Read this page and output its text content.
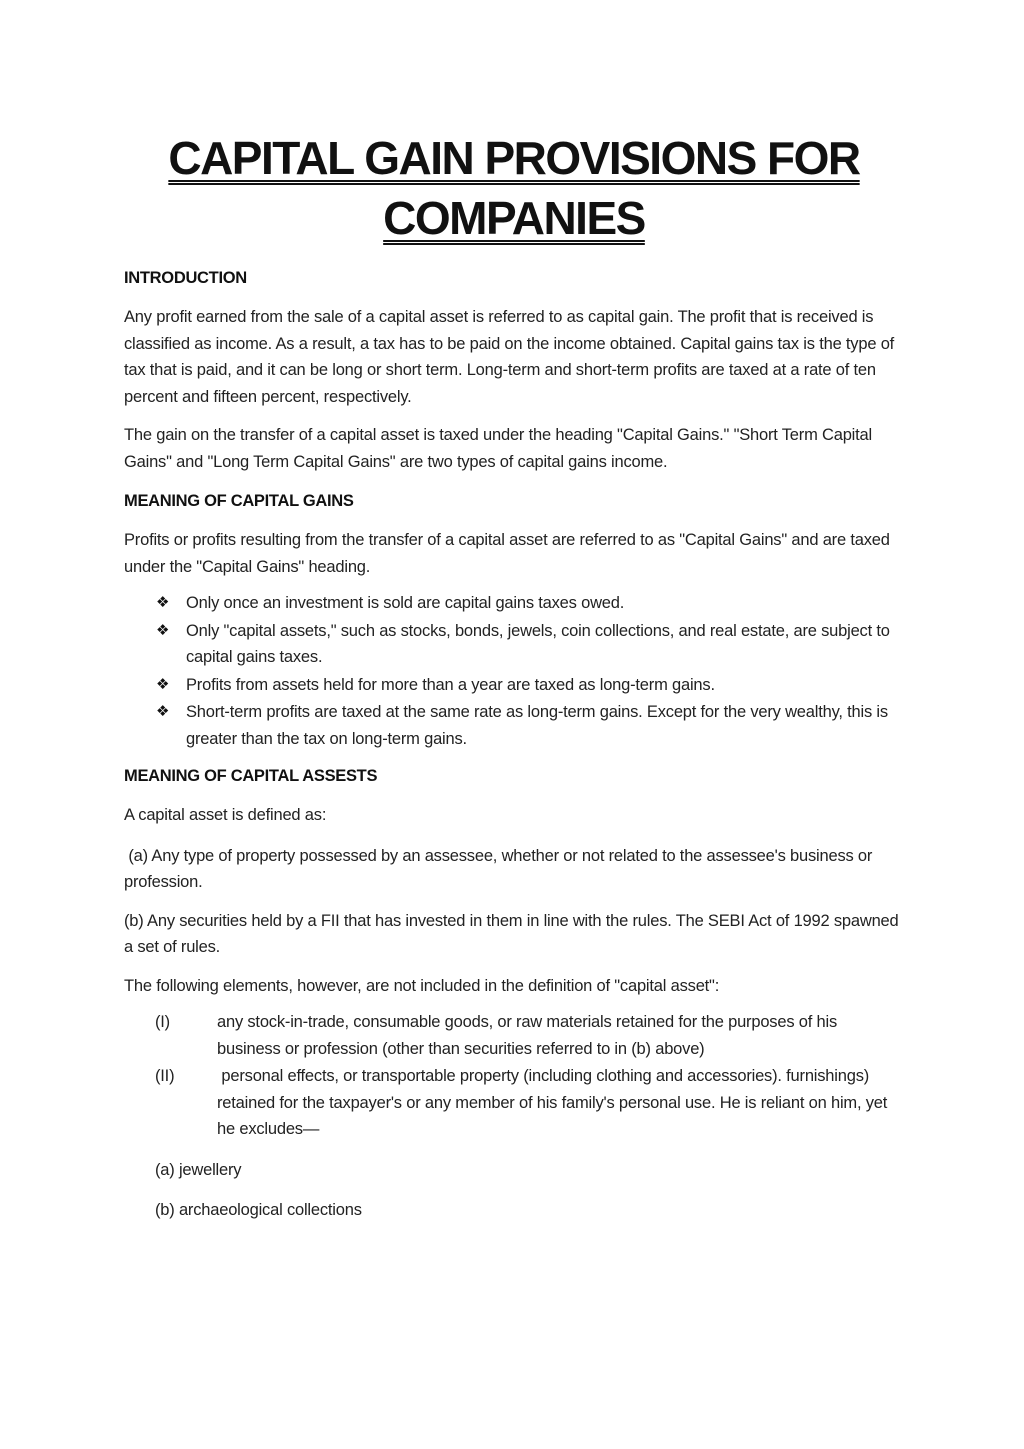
CAPITAL GAIN PROVISIONS FOR
COMPANIES
INTRODUCTION

Any profit earned from the sale of a capital asset is referred to as capital gain. The profit that is received is classified as income. As a result, a tax has to be paid on the income obtained. Capital gains tax is the type of tax that is paid, and it can be long or short term. Long-term and short-term profits are taxed at a rate of ten percent and fifteen percent, respectively.

The gain on the transfer of a capital asset is taxed under the heading "Capital Gains." "Short Term Capital Gains" and "Long Term Capital Gains" are two types of capital gains income.

MEANING OF CAPITAL GAINS

Profits or profits resulting from the transfer of a capital asset are referred to as "Capital Gains" and are taxed under the "Capital Gains" heading.

❖ Only once an investment is sold are capital gains taxes owed.
❖ Only "capital assets," such as stocks, bonds, jewels, coin collections, and real estate, are subject to capital gains taxes.
❖ Profits from assets held for more than a year are taxed as long-term gains.
❖ Short-term profits are taxed at the same rate as long-term gains. Except for the very wealthy, this is greater than the tax on long-term gains.
MEANING OF CAPITAL ASSESTS

A capital asset is defined as:

(a) Any type of property possessed by an assessee, whether or not related to the assessee's business or profession.

(b) Any securities held by a FII that has invested in them in line with the rules. The SEBI Act of 1992 spawned a set of rules.

The following elements, however, are not included in the definition of "capital asset":

(I)	any stock-in-trade, consumable goods, or raw materials retained for the purposes of his business or profession (other than securities referred to in (b) above)
(II)	personal effects, or transportable property (including clothing and accessories). furnishings) retained for the taxpayer's or any member of his family's personal use. He is reliant on him, yet he excludes—

(a) jewellery

(b) archaeological collections
